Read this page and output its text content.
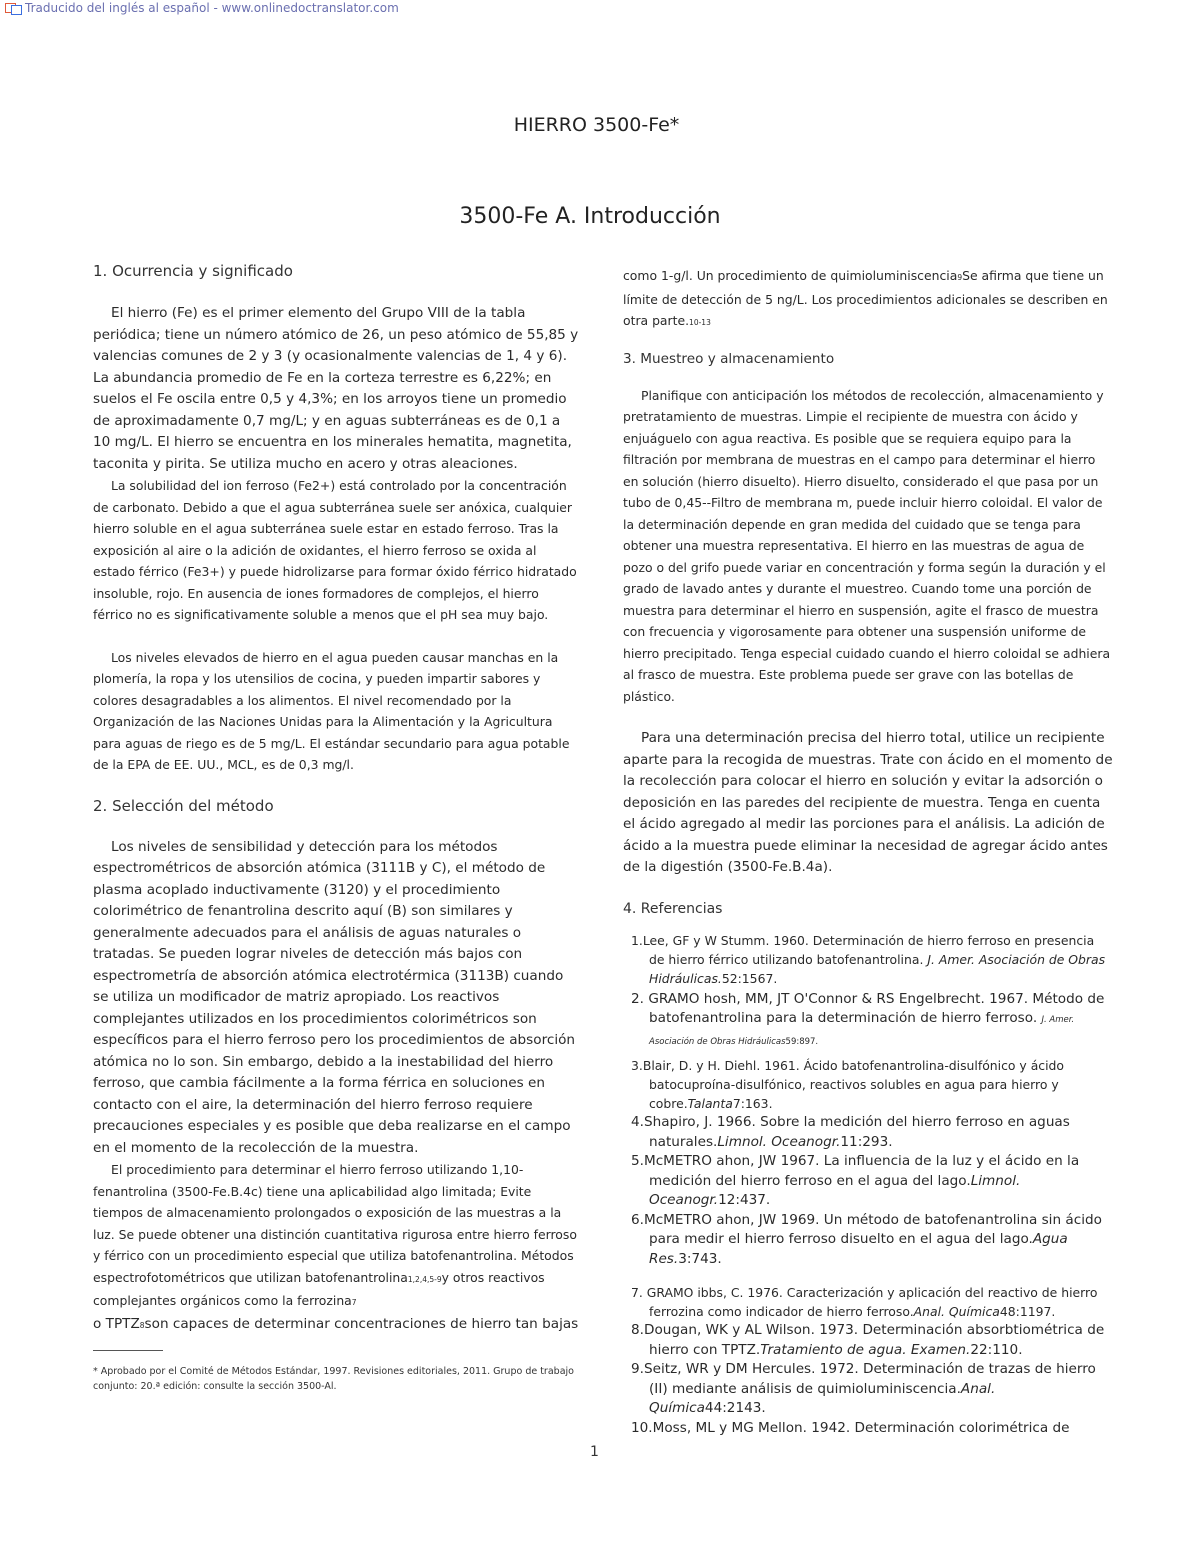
Traducido del inglés al español - www.onlinedoctranslator.com
HIERRO 3500-Fe*
3500-Fe A. Introducción
1. Ocurrencia y significado

El hierro (Fe) es el primer elemento del Grupo VIII de la tabla periódica; tiene un número atómico de 26, un peso atómico de 55,85 y valencias comunes de 2 y 3 (y ocasionalmente valencias de 1, 4 y 6). La abundancia promedio de Fe en la corteza terrestre es 6,22%; en suelos el Fe oscila entre 0,5 y 4,3%; en los arroyos tiene un promedio de aproximadamente 0,7 mg/L; y en aguas subterráneas es de 0,1 a 10 mg/L. El hierro se encuentra en los minerales hematita, magnetita, taconita y pirita. Se utiliza mucho en acero y otras aleaciones.

La solubilidad del ion ferroso (Fe2+) está controlado por la concentración de carbonato. Debido a que el agua subterránea suele ser anóxica, cualquier hierro soluble en el agua subterránea suele estar en estado ferroso. Tras la exposición al aire o la adición de oxidantes, el hierro ferroso se oxida al estado férrico (Fe3+) y puede hidrolizarse para formar óxido férrico hidratado insoluble, rojo. En ausencia de iones formadores de complejos, el hierro férrico no es significativamente soluble a menos que el pH sea muy bajo.

Los niveles elevados de hierro en el agua pueden causar manchas en la plomería, la ropa y los utensilios de cocina, y pueden impartir sabores y colores desagradables a los alimentos. El nivel recomendado por la Organización de las Naciones Unidas para la Alimentación y la Agricultura para aguas de riego es de 5 mg/L. El estándar secundario para agua potable de la EPA de EE. UU., MCL, es de 0,3 mg/l.

2. Selección del método

Los niveles de sensibilidad y detección para los métodos espectrométricos de absorción atómica (3111B y C), el método de plasma acoplado inductivamente (3120) y el procedimiento colorimétrico de fenantrolina descrito aquí (B) son similares y generalmente adecuados para el análisis de aguas naturales o tratadas. Se pueden lograr niveles de detección más bajos con espectrometría de absorción atómica electrotérmica (3113B) cuando se utiliza un modificador de matriz apropiado. Los reactivos complejantes utilizados en los procedimientos colorimétricos son específicos para el hierro ferroso pero los procedimientos de absorción atómica no lo son. Sin embargo, debido a la inestabilidad del hierro ferroso, que cambia fácilmente a la forma férrica en soluciones en contacto con el aire, la determinación del hierro ferroso requiere precauciones especiales y es posible que deba realizarse en el campo en el momento de la recolección de la muestra.

El procedimiento para determinar el hierro ferroso utilizando 1,10-fenantrolina (3500-Fe.B.4c) tiene una aplicabilidad algo limitada; Evite tiempos de almacenamiento prolongados o exposición de las muestras a la luz. Se puede obtener una distinción cuantitativa rigurosa entre hierro ferroso y férrico con un procedimiento especial que utiliza batofenantrolina. Métodos espectrofotométricos que utilizan batofenantrolina1,2,4,5-9y otros reactivos complejantes orgánicos como la ferrozina7

o TPTZ8son capaces de determinar concentraciones de hierro tan bajas

* Aprobado por el Comité de Métodos Estándar, 1997. Revisiones editoriales, 2011. Grupo de trabajo conjunto: 20.ª edición: consulte la sección 3500-Al.

como 1-g/l. Un procedimiento de quimioluminiscencia9Se afirma que tiene un límite de detección de 5 ng/L. Los procedimientos adicionales se describen en otra parte.10-13

3. Muestreo y almacenamiento

Planifique con anticipación los métodos de recolección, almacenamiento y pretratamiento de muestras. Limpie el recipiente de muestra con ácido y enjuáguelo con agua reactiva. Es posible que se requiera equipo para la filtración por membrana de muestras en el campo para determinar el hierro en solución (hierro disuelto). Hierro disuelto, considerado el que pasa por un tubo de 0,45--Filtro de membrana m, puede incluir hierro coloidal. El valor de la determinación depende en gran medida del cuidado que se tenga para obtener una muestra representativa. El hierro en las muestras de agua de pozo o del grifo puede variar en concentración y forma según la duración y el grado de lavado antes y durante el muestreo. Cuando tome una porción de muestra para determinar el hierro en suspensión, agite el frasco de muestra con frecuencia y vigorosamente para obtener una suspensión uniforme de hierro precipitado. Tenga especial cuidado cuando el hierro coloidal se adhiera al frasco de muestra. Este problema puede ser grave con las botellas de plástico.

Para una determinación precisa del hierro total, utilice un recipiente aparte para la recogida de muestras. Trate con ácido en el momento de la recolección para colocar el hierro en solución y evitar la adsorción o deposición en las paredes del recipiente de muestra. Tenga en cuenta el ácido agregado al medir las porciones para el análisis. La adición de ácido a la muestra puede eliminar la necesidad de agregar ácido antes de la digestión (3500-Fe.B.4a).

4. Referencias

1.Lee, GF y W Stumm. 1960. Determinación de hierro ferroso en presencia de hierro férrico utilizando batofenantrolina. J. Amer. Asociación de Obras Hidráulicas.52:1567.

2. GRAMO hosh, MM, JT O'Connor & RS Engelbrecht. 1967. Método de batofenantrolina para la determinación de hierro ferroso. J. Amer. Asociación de Obras Hidráulicas59:897.

3.Blair, D. y H. Diehl. 1961. Ácido batofenantrolina-disulfónico y ácido batocuproína-disulfónico, reactivos solubles en agua para hierro y cobre.Talanta7:163.

4.Shapiro, J. 1966. Sobre la medición del hierro ferroso en aguas naturales.Limnol. Oceanogr.11:293.

5.McMETRO ahon, JW 1967. La influencia de la luz y el ácido en la medición del hierro ferroso en el agua del lago.Limnol. Oceanogr.12:437.

6.McMETRO ahon, JW 1969. Un método de batofenantrolina sin ácido para medir el hierro ferroso disuelto en el agua del lago.Agua Res.3:743.

7. GRAMO ibbs, C. 1976. Caracterización y aplicación del reactivo de hierro ferrozina como indicador de hierro ferroso.Anal. Química48:1197.

8.Dougan, WK y AL Wilson. 1973. Determinación absorbtiométrica de hierro con TPTZ.Tratamiento de agua. Examen.22:110.

9.Seitz, WR y DM Hercules. 1972. Determinación de trazas de hierro (II) mediante análisis de quimioluminiscencia.Anal. Química44:2143.

10.Moss, ML y MG Mellon. 1942. Determinación colorimétrica de

1
